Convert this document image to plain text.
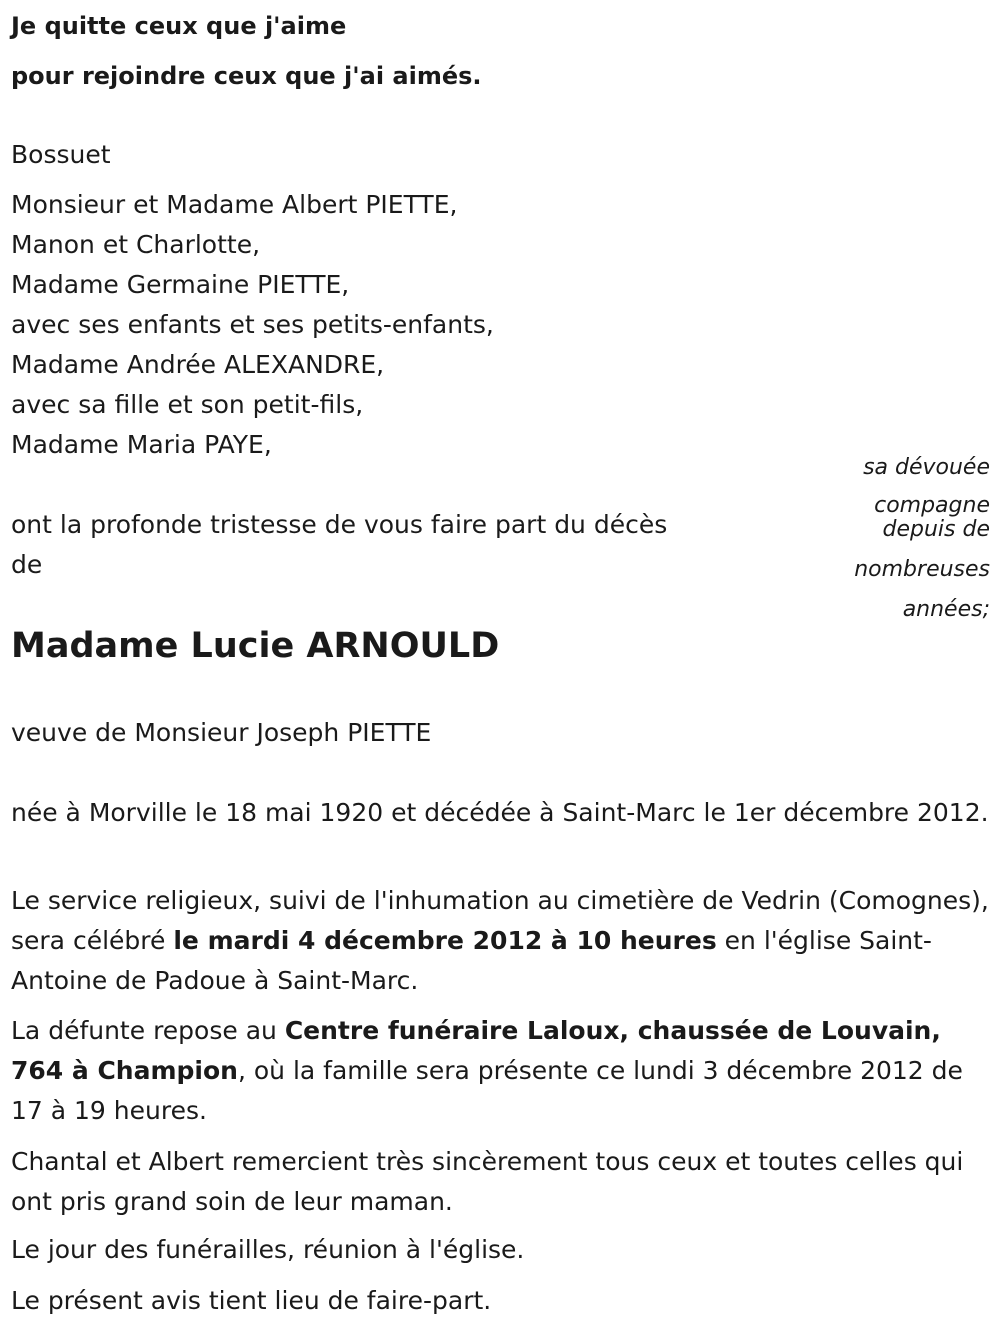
Je quitte ceux que j'aime

pour rejoindre ceux que j'ai aimés.

Bossuet

Monsieur et Madame Albert PIETTE,

Manon et Charlotte,

Madame Germaine PIETTE,

avec ses enfants et ses petits-enfants,

Madame Andrée ALEXANDRE,

avec sa fille et son petit-fils,

Madame Maria PAYE,

sa dévouée

compagne

depuis de

nombreuses

années;

ont la profonde tristesse de vous faire part du décès

de

Madame Lucie ARNOULD

veuve de Monsieur Joseph PIETTE

née à Morville le 18 mai 1920 et décédée à Saint-Marc le 1er décembre 2012.

Le service religieux, suivi de l'inhumation au cimetière de Vedrin (Comognes), sera célébré le mardi 4 décembre 2012 à 10 heures en l'église Saint-Antoine de Padoue à Saint-Marc.

La défunte repose au Centre funéraire Laloux, chaussée de Louvain, 764 à Champion, où la famille sera présente ce lundi 3 décembre 2012 de 17 à 19 heures.

Chantal et Albert remercient très sincèrement tous ceux et toutes celles qui ont pris grand soin de leur maman.

Le jour des funérailles, réunion à l'église.

Le présent avis tient lieu de faire-part.
